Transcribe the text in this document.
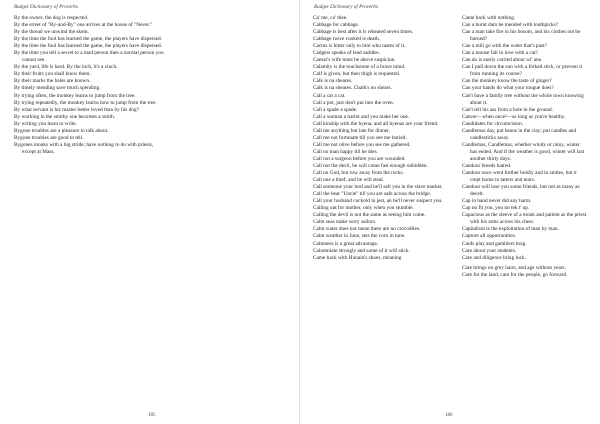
Budget Dictionary of Proverbs
By the owner, the dog is respected.
By the street of "By-and-By" one arrives at the house of "Never."
By the thread we unwind the skein.
By the time the fool has learned the game, the players have dispersed.
By the time the fool has learned the game, the players have dispersed.
By the time you tell a secret to a mad person then a normal person you cannot see.
By the yard, life is hard. By the inch, it's a cinch.
By their fruits you shall know them.
By their marks the bales are known.
By timely mending save much spending.
By trying often, the monkey learns to jump from the tree.
By trying repeatedly, the monkey learns how to jump from the tree.
By what servant is his master better loved than by his dog?
By working in the smithy one becomes a smith.
By writing you learn to write.
Bygone troubles are a pleasure to talk about.
Bygone troubles are good to tell.
Bygones monks with a big stride; have nothing to do with priests, except at Mass.
185
Budget Dictionary of Proverbs
Ca' me, ca' thee.
Cabbage for cabbage.
Cabbage is best after it is reheated seven times.
Cabbage twice cooked is death.
Cactus is bitter only to him who tastes of it.
Cadgers speaks of lead saddles.
Caesar's wife must be above suspicion.
Calamity is the touchstone of a brave mind.
Calf is given, but then thigh is requested.
Calk is na sheares.
Calk is na sheares. Chalk's no shears.
Call a cat a cat.
Call a pot, just don't put into the oven.
Call a spade a spade.
Call a woman a harlot and you make her one.
Call kinship with the hyena, and all hyenas are your friend.
Call me anything but late for dinner.
Call me not fortunate till you see me buried.
Call me not olive before you see me gathered.
Call no man happy till he dies.
Call not a surgeon before you are wounded.
Call not the devil, he will come fast enough unbidden.
Call on God, but row away from the rocks.
Call one a thief, and he will steal.
Call someone your lord and he'll sell you in the slave market.
Call the bear "Uncle" till you are safe across the bridge.
Call your husband cuckold in jest, an he'll never suspect you.
Calling out for mother, only when you stumble.
Calling the devil is not the same as seeing him come.
Calm seas make sorry sailors.
Calm water does not mean there are no crocodiles.
Calm weather in June, sets the corn in tune.
Calmness is a great advantage.
Calumniate strongly and some of it will stick.
Came back with Hunain's shoes, meaning
Came back with nothing.
Can a burnt dam be mended with toothpicks?
Can a man take fire in his bosom, and his clothes not be burned?
Can a mill go with the water that's past?
Can a mouse fall in love with a cat?
Can do is easily carried about wi' ane.
Can I pull down the sun with a forked stick, or prevent it from running its course?
Can the monkey know the taste of ginger?
Can your hands do what your tongue does?
Can't have a family tree without the whole town knowing about it.
Can't tell his ass from a hole in the ground.
Cancer—when once!—as long as you're healthy.
Candidates for circumcision.
Candlemas day, put beans in the clay; put candles and candlesticks away.
Candlemas, Candlemas, whether windy or rainy, winter has ended. And if the weather is good, winter will last another thirty days.
Candour breeds hatred.
Candour once went further boldly and in smiles, but it crept home in tatters and tears.
Candour will lose you some friends, but not as many as deceit.
Cap in hand never did any harm.
Cap no fit you, you no tek t' up.
Capacious as the sleeve of a monk and patient as the priest with his arms across his chest.
Capitalism is the exploitation of man by man.
Capture all opportunities.
Cards play and gamblers brag.
Care about your students.
Care and diligence bring luck.
Care brings on grey hairs, and age without years.
Care for the land, care for the people, go forward.
186
